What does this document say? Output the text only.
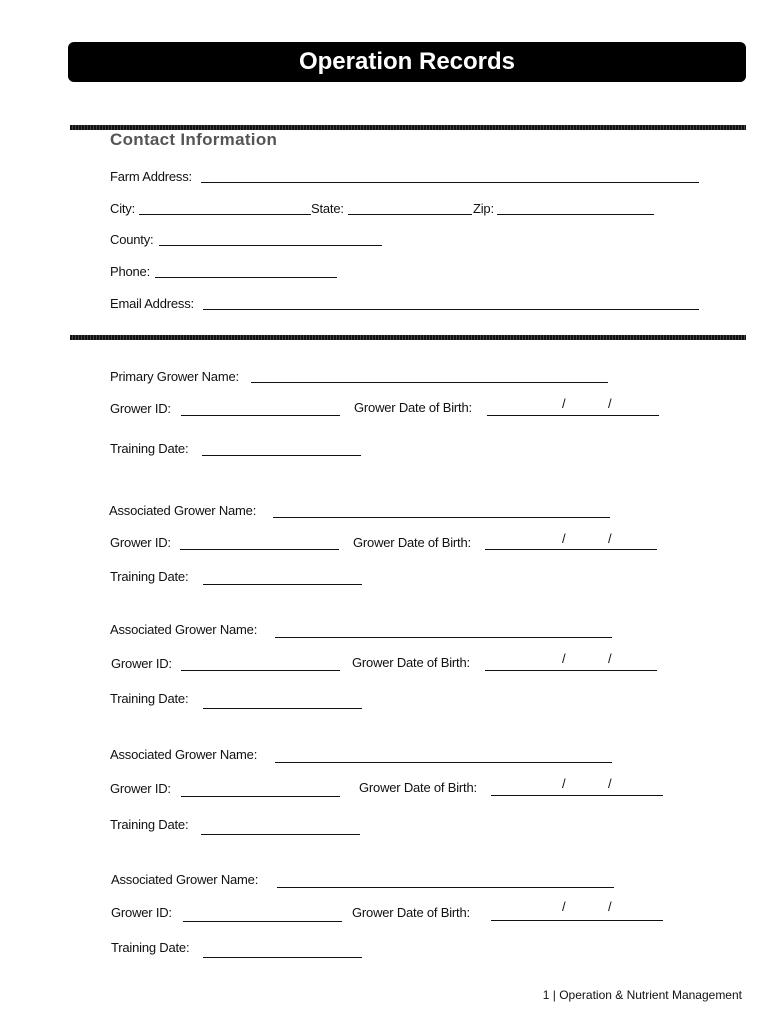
Operation Records
Contact Information
Farm Address:
City:	State:	Zip:
County:
Phone:
Email Address:
Primary Grower Name:
Grower ID:	Grower Date of Birth:	/	/
Training Date:
Associated Grower Name:
Grower ID:	Grower Date of Birth:	/	/
Training Date:
Associated Grower Name:
Grower ID:	Grower Date of Birth:	/	/
Training Date:
Associated Grower Name:
Grower ID:	Grower Date of Birth:	/	/
Training Date:
Associated Grower Name:
Grower ID:	Grower Date of Birth:	/	/
Training Date:
1 | Operation & Nutrient Management
